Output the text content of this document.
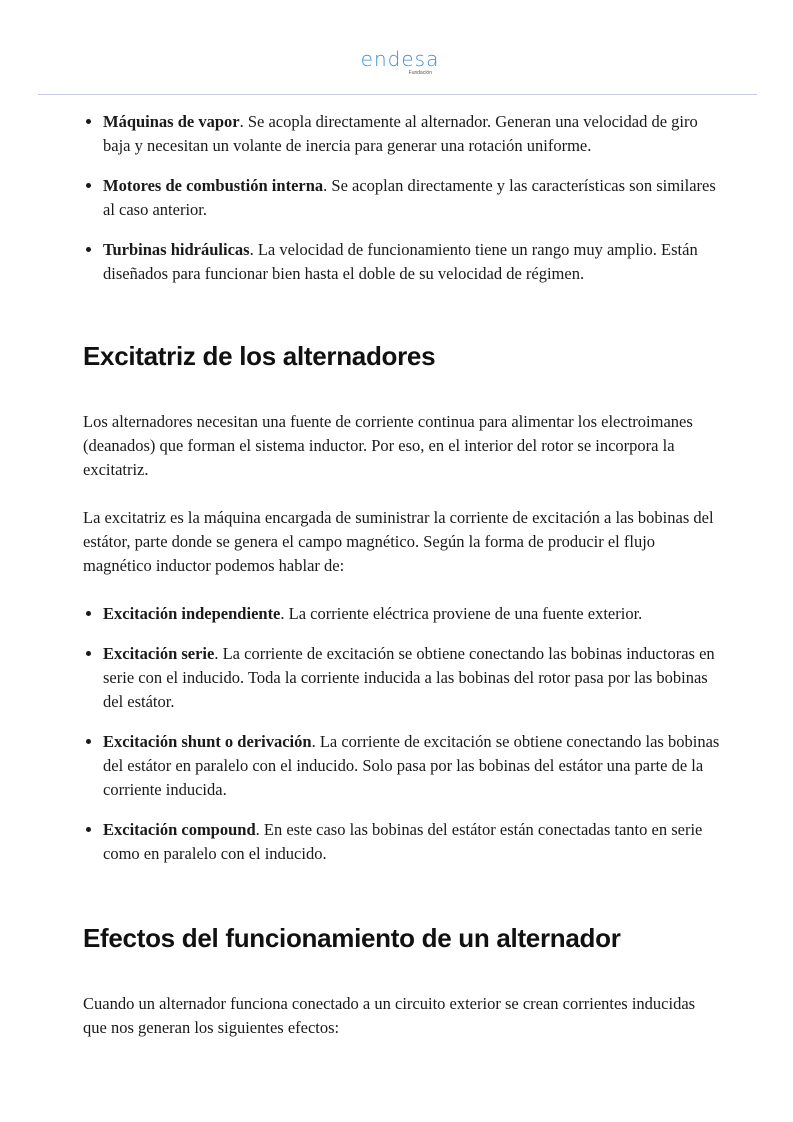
endesa
Fundación
• Máquinas de vapor. Se acopla directamente al alternador. Generan una velocidad de giro baja y necesitan un volante de inercia para generar una rotación uniforme.
• Motores de combustión interna. Se acoplan directamente y las características son similares al caso anterior.
• Turbinas hidráulicas. La velocidad de funcionamiento tiene un rango muy amplio. Están diseñados para funcionar bien hasta el doble de su velocidad de régimen.
Excitatriz de los alternadores

Los alternadores necesitan una fuente de corriente continua para alimentar los electroimanes (deanados) que forman el sistema inductor. Por eso, en el interior del rotor se incorpora la excitatriz.

La excitatriz es la máquina encargada de suministrar la corriente de excitación a las bobinas del estátor, parte donde se genera el campo magnético. Según la forma de producir el flujo magnético inductor podemos hablar de:

• Excitación independiente. La corriente eléctrica proviene de una fuente exterior.
• Excitación serie. La corriente de excitación se obtiene conectando las bobinas inductoras en serie con el inducido. Toda la corriente inducida a las bobinas del rotor pasa por las bobinas del estátor.
• Excitación shunt o derivación. La corriente de excitación se obtiene conectando las bobinas del estátor en paralelo con el inducido. Solo pasa por las bobinas del estátor una parte de la corriente inducida.
• Excitación compound. En este caso las bobinas del estátor están conectadas tanto en serie como en paralelo con el inducido.
Efectos del funcionamiento de un alternador

Cuando un alternador funciona conectado a un circuito exterior se crean corrientes inducidas que nos generan los siguientes efectos:
